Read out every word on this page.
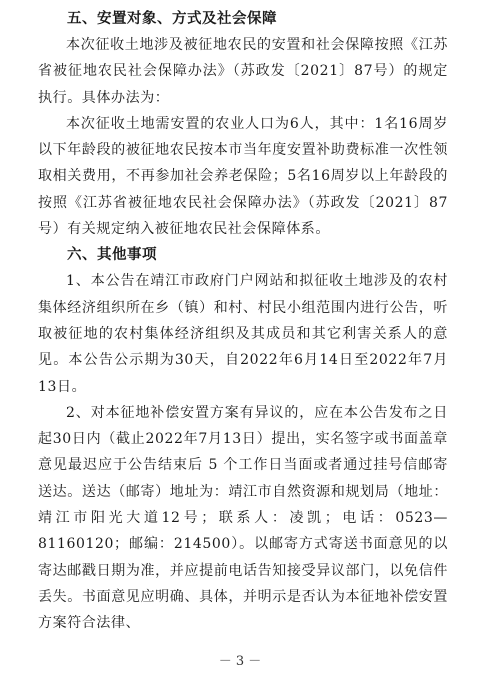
五、安置对象、方式及社会保障

本次征收土地涉及被征地农民的安置和社会保障按照《江苏省被征地农民社会保障办法》（苏政发〔2021〕87号）的规定执行。具体办法为：

本次征收土地需安置的农业人口为6人，其中：1名16周岁以下年龄段的被征地农民按本市当年度安置补助费标准一次性领取相关费用，不再参加社会养老保险；5名16周岁以上年龄段的按照《江苏省被征地农民社会保障办法》（苏政发〔2021〕87号）有关规定纳入被征地农民社会保障体系。

六、其他事项

1、本公告在靖江市政府门户网站和拟征收土地涉及的农村集体经济组织所在乡（镇）和村、村民小组范围内进行公告，听取被征地的农村集体经济组织及其成员和其它利害关系人的意见。本公告公示期为30天，自2022年6月14日至2022年7月13日。

2、对本征地补偿安置方案有异议的，应在本公告发布之日起30日内（截止2022年7月13日）提出，实名签字或书面盖章意见最迟应于公告结束后 5 个工作日当面或者通过挂号信邮寄送达。送达（邮寄）地址为：靖江市自然资源和规划局（地址：靖江市阳光大道12号；联系人：凌凯；电话：0523—81160120；邮编：214500）。以邮寄方式寄送书面意见的以寄达邮戳日期为准，并应提前电话告知接受异议部门，以免信件丢失。书面意见应明确、具体，并明示是否认为本征地补偿安置方案符合法律、

－ 3 －
